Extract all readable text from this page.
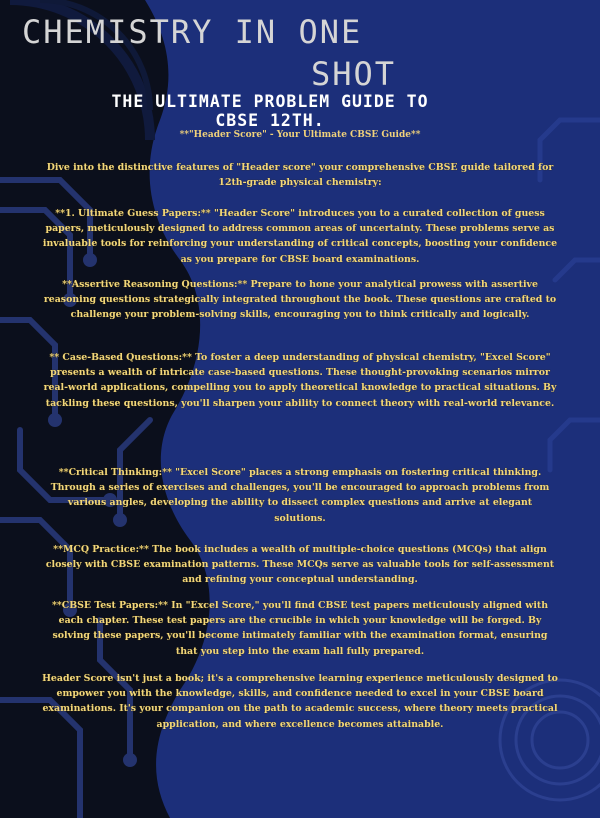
CHEMISTRY IN ONE
SHOT
THE ULTIMATE PROBLEM GUIDE TO
CBSE 12TH.
**"Header Score" - Your Ultimate CBSE Guide**
Dive into the distinctive features of "Header score" your comprehensive CBSE guide tailored for 12th-grade physical chemistry:
**1. Ultimate Guess Papers:** "Header Score" introduces you to a curated collection of guess papers, meticulously designed to address common areas of uncertainty. These problems serve as invaluable tools for reinforcing your understanding of critical concepts, boosting your confidence as you prepare for CBSE board examinations.
**Assertive Reasoning Questions:** Prepare to hone your analytical prowess with assertive reasoning questions strategically integrated throughout the book. These questions are crafted to challenge your problem-solving skills, encouraging you to think critically and logically.
** Case-Based Questions:** To foster a deep understanding of physical chemistry, "Excel Score" presents a wealth of intricate case-based questions. These thought-provoking scenarios mirror real-world applications, compelling you to apply theoretical knowledge to practical situations. By tackling these questions, you'll sharpen your ability to connect theory with real-world relevance.
**Critical Thinking:** "Excel Score" places a strong emphasis on fostering critical thinking. Through a series of exercises and challenges, you'll be encouraged to approach problems from various angles, developing the ability to dissect complex questions and arrive at elegant solutions.
**MCQ Practice:** The book includes a wealth of multiple-choice questions (MCQs) that align closely with CBSE examination patterns. These MCQs serve as valuable tools for self-assessment and refining your conceptual understanding.
**CBSE Test Papers:** In "Excel Score," you'll find CBSE test papers meticulously aligned with each chapter. These test papers are the crucible in which your knowledge will be forged. By solving these papers, you'll become intimately familiar with the examination format, ensuring that you step into the exam hall fully prepared.
Header Score isn't just a book; it's a comprehensive learning experience meticulously designed to empower you with the knowledge, skills, and confidence needed to excel in your CBSE board examinations. It's your companion on the path to academic success, where theory meets practical application, and where excellence becomes attainable.
